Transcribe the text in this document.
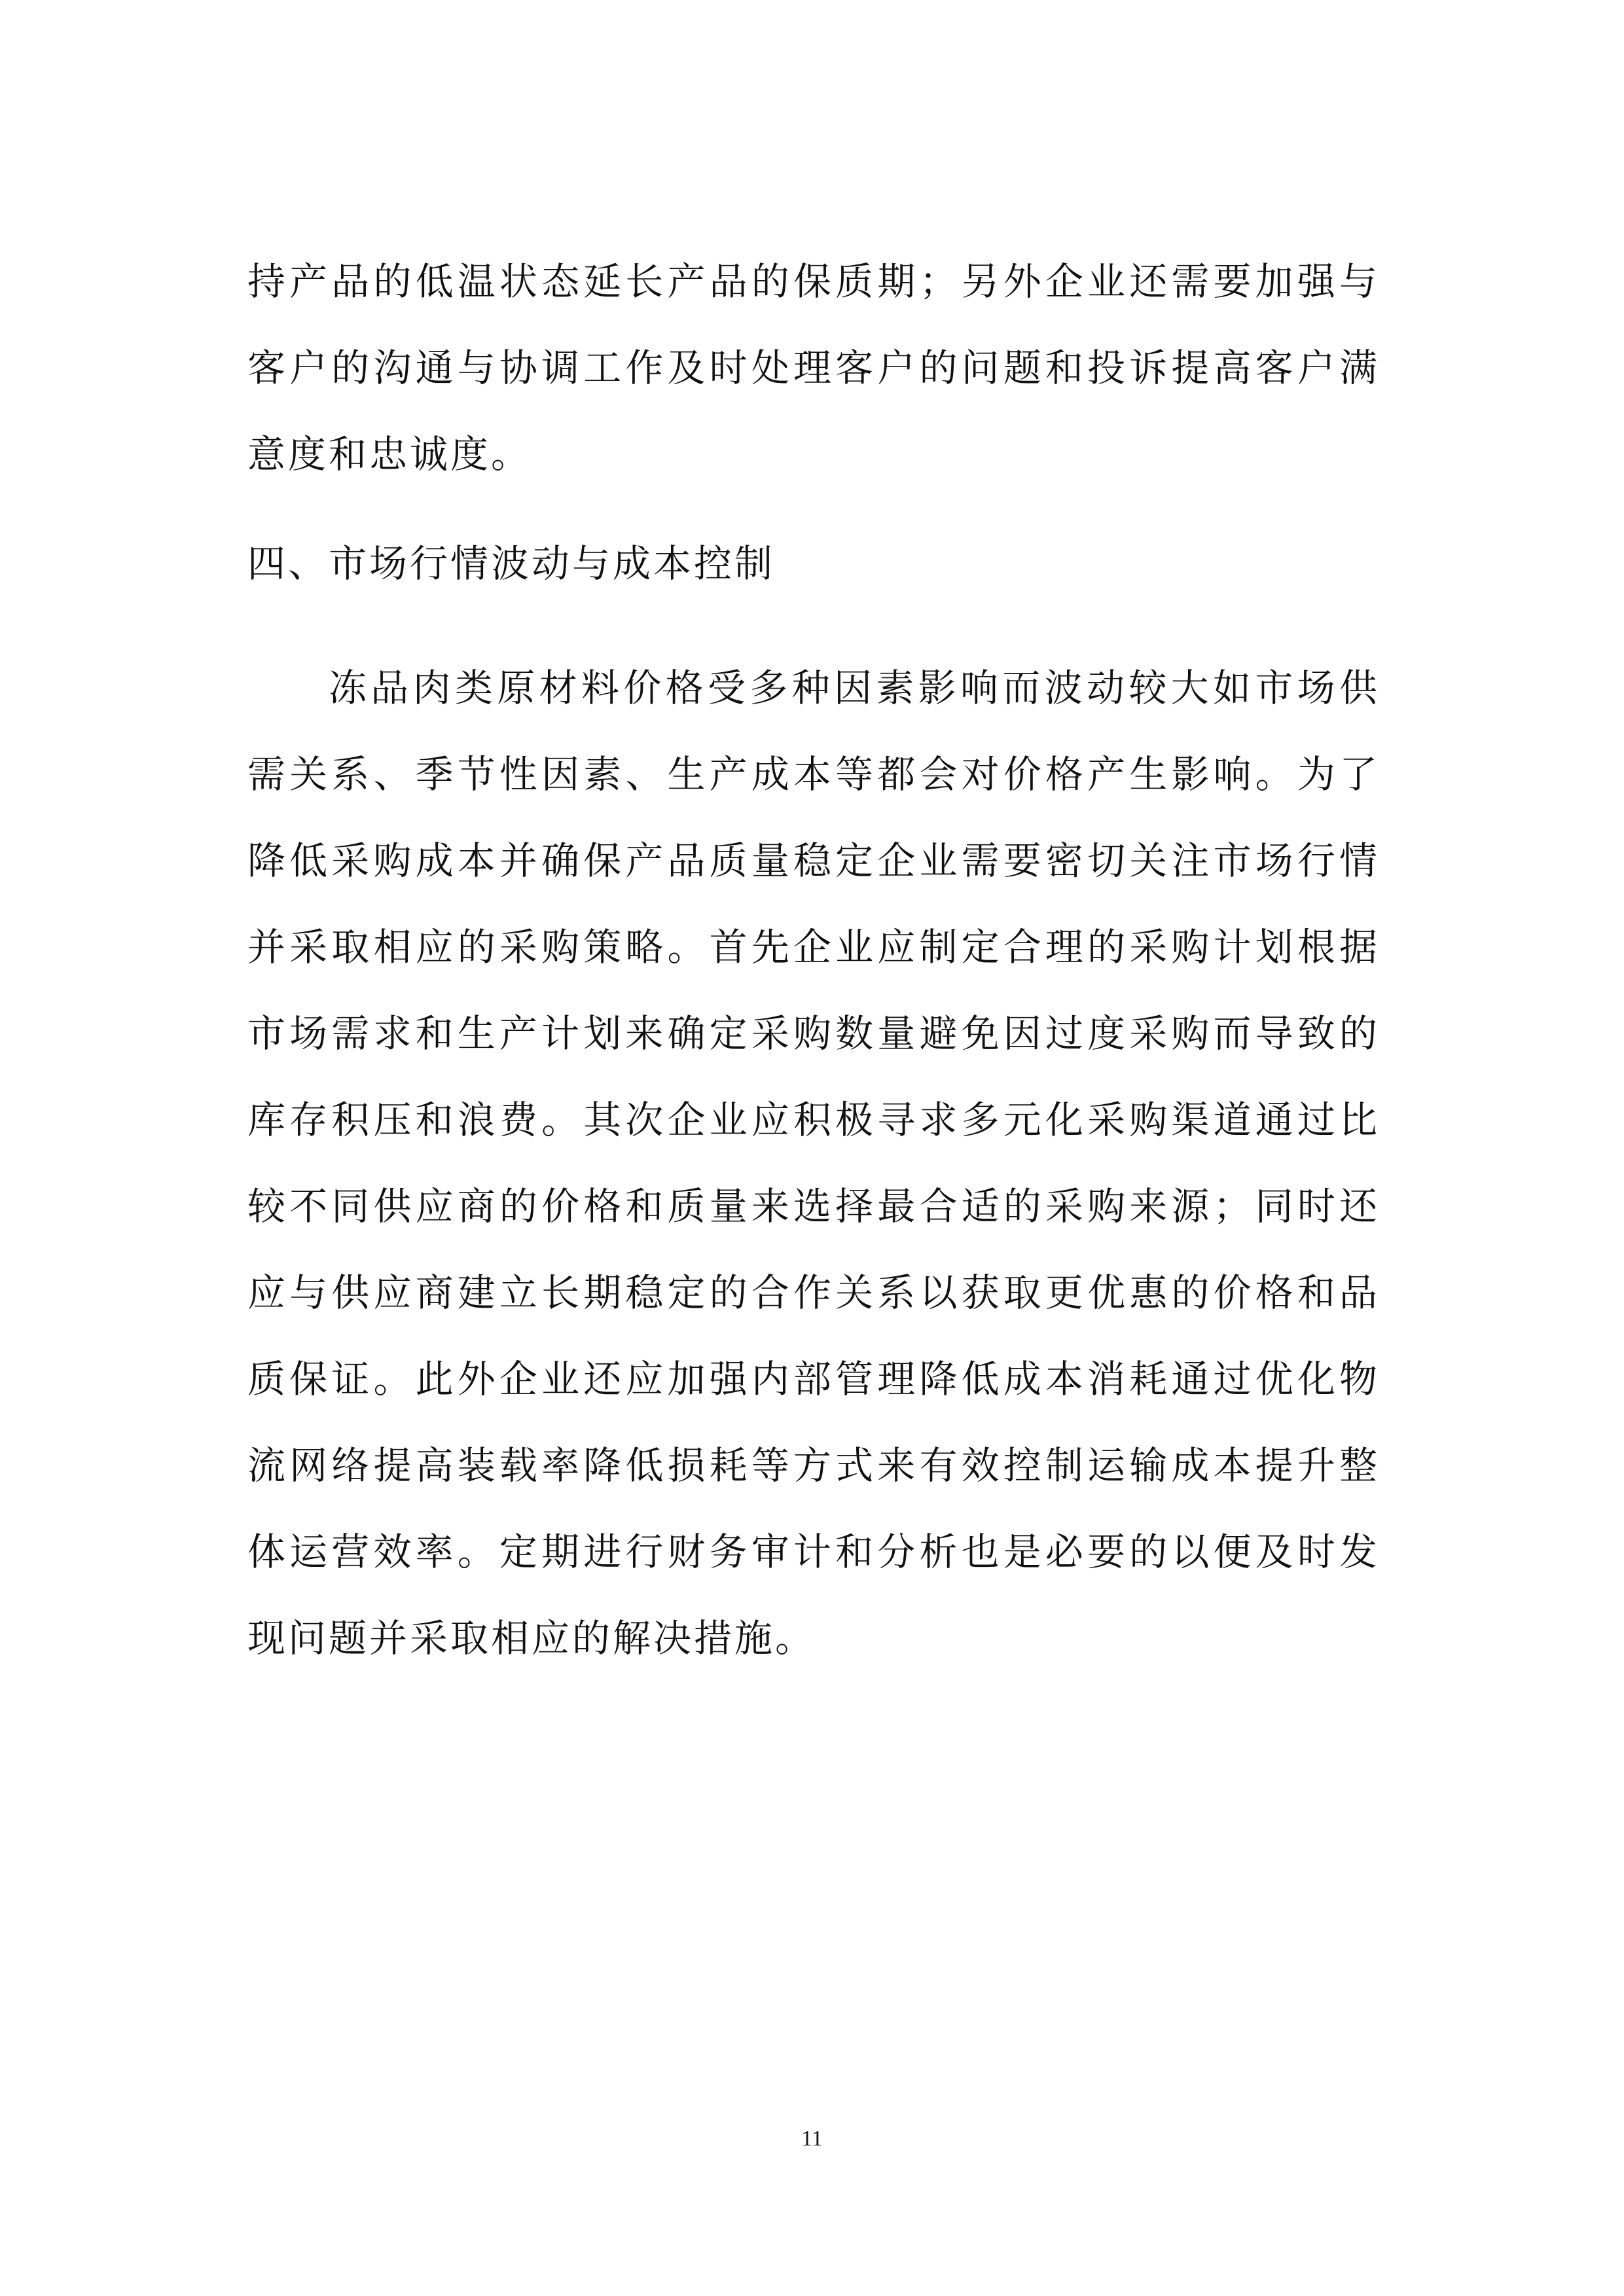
持产品的低温状态延长产品的保质期；另外企业还需要加强与客户的沟通与协调工作及时处理客户的问题和投诉提高客户满意度和忠诚度。

四、市场行情波动与成本控制

冻品肉类原材料价格受多种因素影响而波动较大如市场供需关系、季节性因素、生产成本等都会对价格产生影响。为了降低采购成本并确保产品质量稳定企业需要密切关注市场行情并采取相应的采购策略。首先企业应制定合理的采购计划根据市场需求和生产计划来确定采购数量避免因过度采购而导致的库存积压和浪费。其次企业应积极寻求多元化采购渠道通过比较不同供应商的价格和质量来选择最合适的采购来源；同时还应与供应商建立长期稳定的合作关系以获取更优惠的价格和品质保证。此外企业还应加强内部管理降低成本消耗通过优化物流网络提高装载率降低损耗等方式来有效控制运输成本提升整体运营效率。定期进行财务审计和分析也是必要的以便及时发现问题并采取相应的解决措施。

11
